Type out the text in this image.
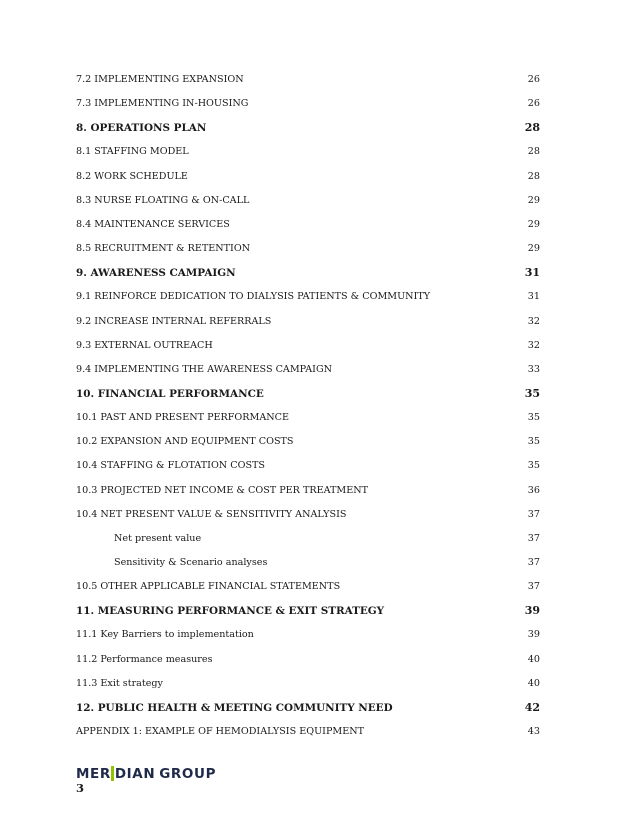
7.2 IMPLEMENTING EXPANSION	26
7.3 IMPLEMENTING IN-HOUSING	26
8. OPERATIONS PLAN	28
8.1 STAFFING MODEL	28
8.2 WORK SCHEDULE	28
8.3 NURSE FLOATING & ON-CALL	29
8.4 MAINTENANCE SERVICES	29
8.5 RECRUITMENT & RETENTION	29
9. AWARENESS CAMPAIGN	31
9.1 REINFORCE DEDICATION TO DIALYSIS PATIENTS & COMMUNITY	31
9.2 INCREASE INTERNAL REFERRALS	32
9.3 EXTERNAL OUTREACH	32
9.4 IMPLEMENTING THE AWARENESS CAMPAIGN	33
10. FINANCIAL PERFORMANCE	35
10.1 PAST AND PRESENT PERFORMANCE	35
10.2 EXPANSION AND EQUIPMENT COSTS	35
10.4 STAFFING & FLOTATION COSTS	35
10.3 PROJECTED NET INCOME & COST PER TREATMENT	36
10.4 NET PRESENT VALUE & SENSITIVITY ANALYSIS	37
Net present value	37
Sensitivity & Scenario analyses	37
10.5 OTHER APPLICABLE FINANCIAL STATEMENTS	37
11. MEASURING PERFORMANCE & EXIT STRATEGY	39
11.1 Key Barriers to implementation	39
11.2 Performance measures	40
11.3 Exit strategy	40
12. PUBLIC HEALTH & MEETING COMMUNITY NEED	42
APPENDIX 1: EXAMPLE OF HEMODIALYSIS EQUIPMENT	43
MER DIAN GROUP
3
